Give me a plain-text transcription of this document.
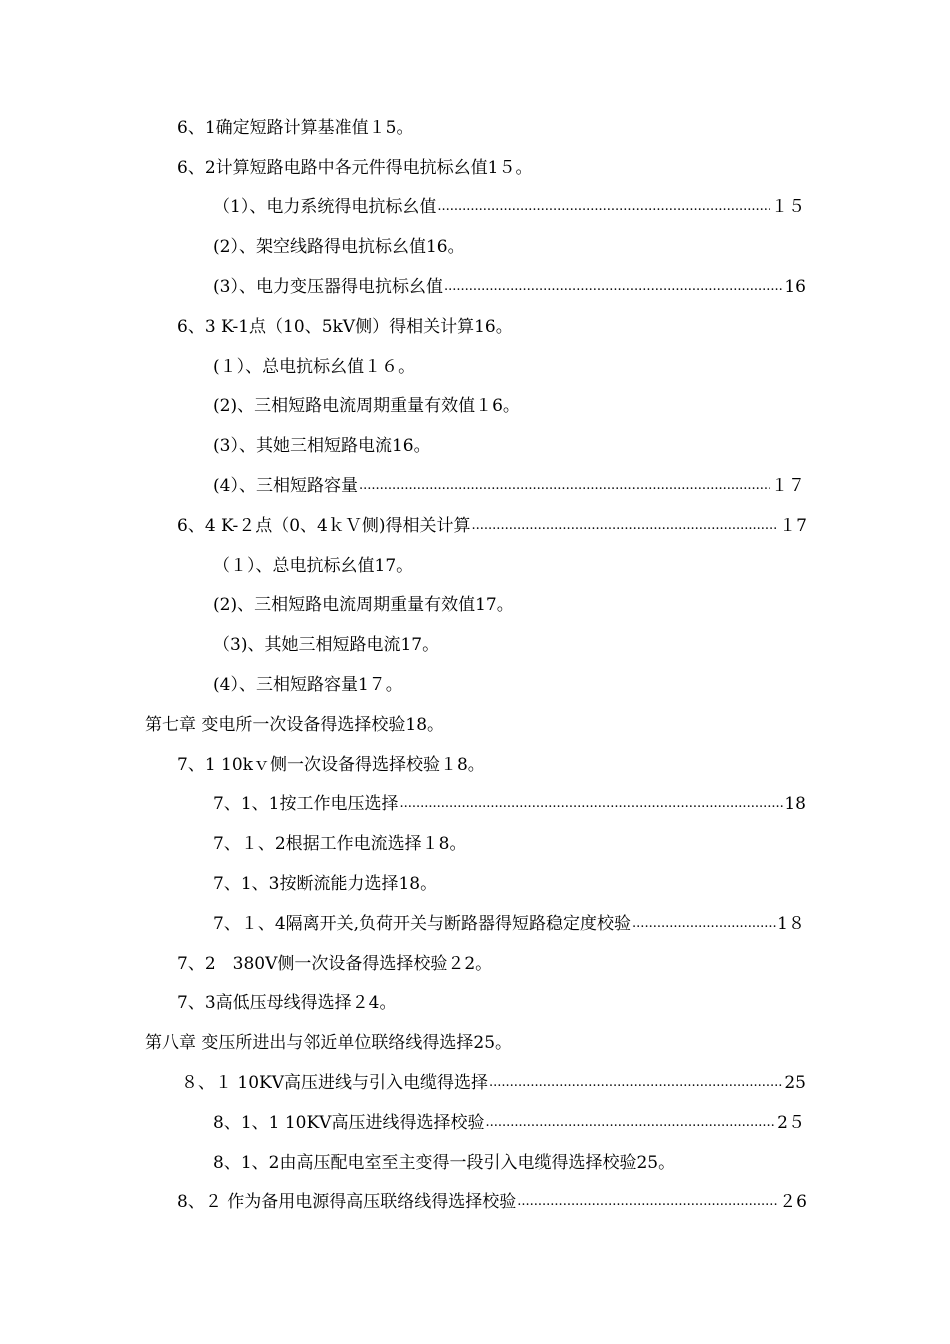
6、1确定短路计算基准值１5。
6、2计算短路电路中各元件得电抗标幺值1５。
（1）、电力系统得电抗标幺值 .....	１５
(2）、架空线路得电抗标幺值16。
(3）、电力变压器得电抗标幺值 .....	16
6、3 K-1点（10、5kV侧）得相关计算16。
(１）、总电抗标幺值１６。
(2)、三相短路电流周期重量有效值１6。
(3）、其她三相短路电流16。
(4）、三相短路容量 .....	１７
6、4 K-２点（0、4ｋＶ侧)得相关计算 .....	１7
（１）、总电抗标幺值17。
(2)、三相短路电流周期重量有效值17。
（3)、其她三相短路电流17。
(4）、三相短路容量1７。
第七章 变电所一次设备得选择校验18。
7、1 10kｖ侧一次设备得选择校验１8。
7、1、1按工作电压选择 .....	18
7、１、2根据工作电流选择１8。
7、1、3按断流能力选择18。
7、１、4隔离开关,负荷开关与断路器得短路稳定度校验 .....	1８
7、2　380V侧一次设备得选择校验２2。
7、3高低压母线得选择２4。
第八章 变压所进出与邻近单位联络线得选择25。
８、１ 10KV高压进线与引入电缆得选择 .....	25
8、1、1 10KV高压进线得选择校验 .....	2５
8、1、2由高压配电室至主变得一段引入电缆得选择校验25。
8、２ 作为备用电源得高压联络线得选择校验 .....	２6
